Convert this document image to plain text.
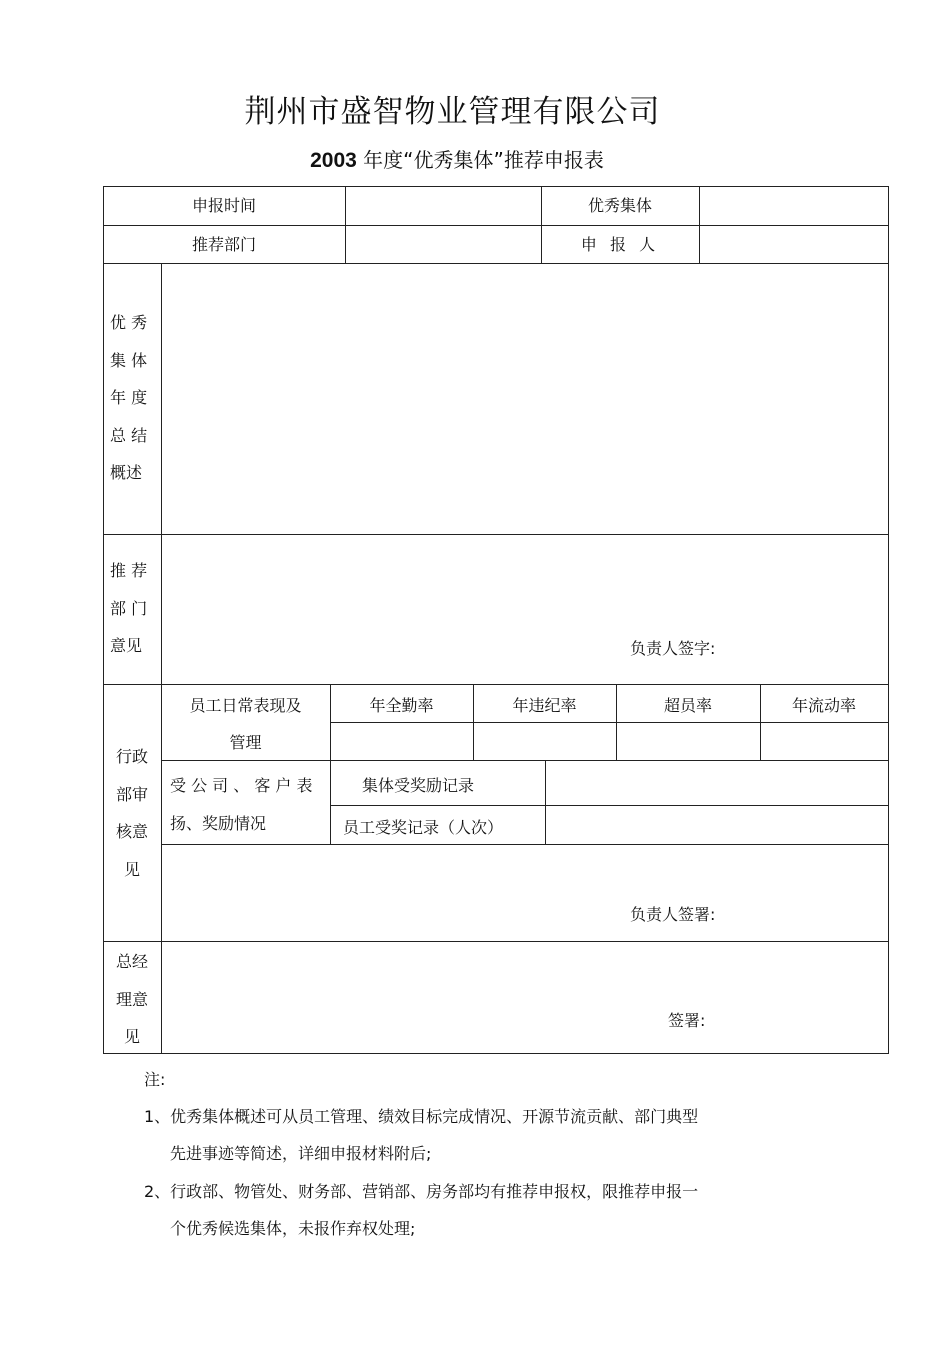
荆州市盛智物业管理有限公司
2003 年度“优秀集体”推荐申报表
申报时间	优秀集体
推荐部门	申 报 人
优 秀
集 体
年 度
总 结
概述
推 荐
部 门
意见	负责人签字:
行政
部审
核意
见
员工日常表现及
管理
年全勤率	年违纪率	超员率	年流动率
受 公 司 、 客 户 表
扬、奖励情况
集体受奖励记录
员工受奖记录（人次）
负责人签署:
总经
理意
见
签署:
注:
1、优秀集体概述可从员工管理、绩效目标完成情况、开源节流贡献、部门典型
先进事迹等简述，详细申报材料附后;
2、行政部、物管处、财务部、营销部、房务部均有推荐申报权，限推荐申报一
个优秀候选集体，未报作弃权处理;
